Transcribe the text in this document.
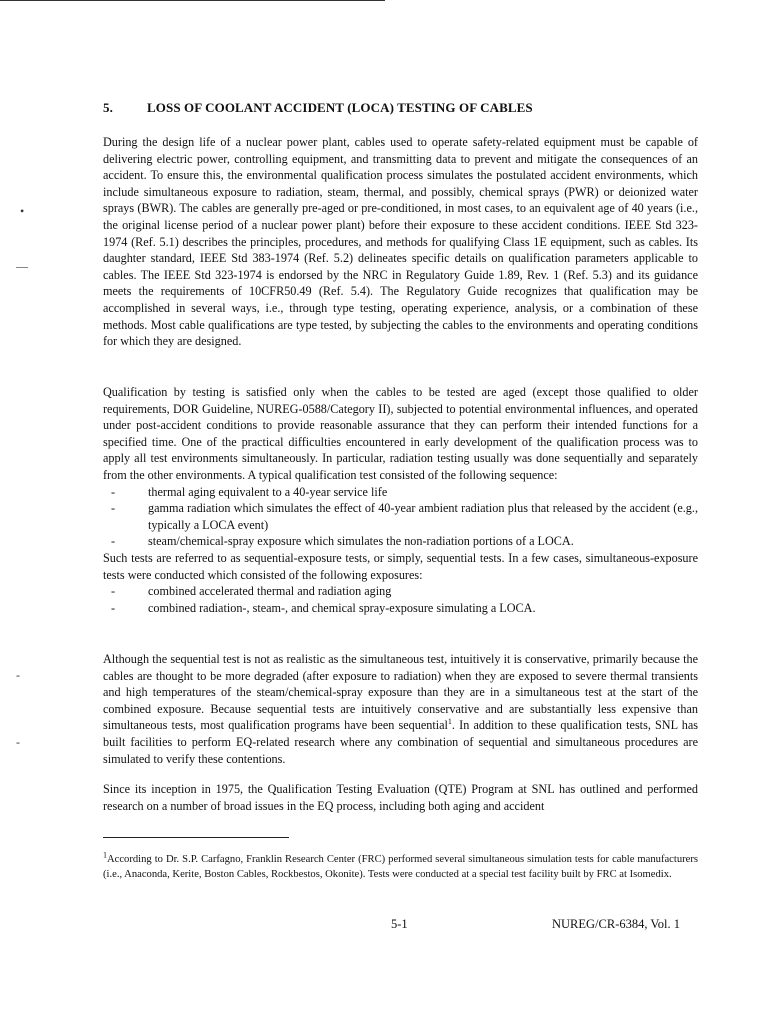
5.	LOSS OF COOLANT ACCIDENT (LOCA) TESTING OF CABLES
During the design life of a nuclear power plant, cables used to operate safety-related equipment must be capable of delivering electric power, controlling equipment, and transmitting data to prevent and mitigate the consequences of an accident. To ensure this, the environmental qualification process simulates the postulated accident environments, which include simultaneous exposure to radiation, steam, thermal, and possibly, chemical sprays (PWR) or deionized water sprays (BWR). The cables are generally pre-aged or pre-conditioned, in most cases, to an equivalent age of 40 years (i.e., the original license period of a nuclear power plant) before their exposure to these accident conditions. IEEE Std 323-1974 (Ref. 5.1) describes the principles, procedures, and methods for qualifying Class 1E equipment, such as cables. Its daughter standard, IEEE Std 383-1974 (Ref. 5.2) delineates specific details on qualification parameters applicable to cables. The IEEE Std 323-1974 is endorsed by the NRC in Regulatory Guide 1.89, Rev. 1 (Ref. 5.3) and its guidance meets the requirements of 10CFR50.49 (Ref. 5.4). The Regulatory Guide recognizes that qualification may be accomplished in several ways, i.e., through type testing, operating experience, analysis, or a combination of these methods. Most cable qualifications are type tested, by subjecting the cables to the environments and operating conditions for which they are designed.
Qualification by testing is satisfied only when the cables to be tested are aged (except those qualified to older requirements, DOR Guideline, NUREG-0588/Category II), subjected to potential environmental influences, and operated under post-accident conditions to provide reasonable assurance that they can perform their intended functions for a specified time. One of the practical difficulties encountered in early development of the qualification process was to apply all test environments simultaneously. In particular, radiation testing usually was done sequentially and separately from the other environments. A typical qualification test consisted of the following sequence:
-	thermal aging equivalent to a 40-year service life
-	gamma radiation which simulates the effect of 40-year ambient radiation plus that released by the accident (e.g., typically a LOCA event)
-	steam/chemical-spray exposure which simulates the non-radiation portions of a LOCA.
Such tests are referred to as sequential-exposure tests, or simply, sequential tests. In a few cases, simultaneous-exposure tests were conducted which consisted of the following exposures:
-	combined accelerated thermal and radiation aging
-	combined radiation-, steam-, and chemical spray-exposure simulating a LOCA.
Although the sequential test is not as realistic as the simultaneous test, intuitively it is conservative, primarily because the cables are thought to be more degraded (after exposure to radiation) when they are exposed to severe thermal transients and high temperatures of the steam/chemical-spray exposure than they are in a simultaneous test at the start of the combined exposure. Because sequential tests are intuitively conservative and are substantially less expensive than simultaneous tests, most qualification programs have been sequential$^1$. In addition to these qualification tests, SNL has built facilities to perform EQ-related research where any combination of sequential and simultaneous procedures are simulated to verify these contentions.
Since its inception in 1975, the Qualification Testing Evaluation (QTE) Program at SNL has outlined and performed research on a number of broad issues in the EQ process, including both aging and accident
$^1$According to Dr. S.P. Carfagno, Franklin Research Center (FRC) performed several simultaneous simulation tests for cable manufacturers (i.e., Anaconda, Kerite, Boston Cables, Rockbestos, Okonite). Tests were conducted at a special test facility built by FRC at Isomedix.
5-1	NUREG/CR-6384, Vol. 1
•
—
-
-
